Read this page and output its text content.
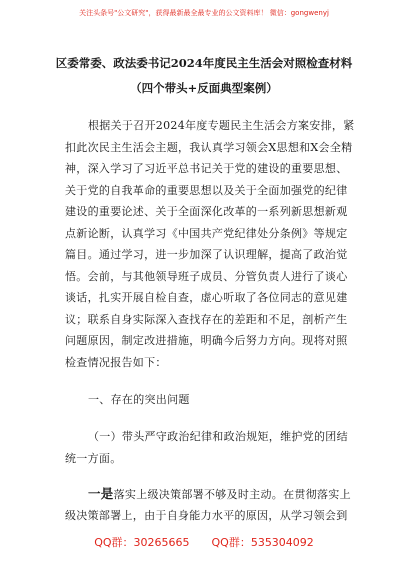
关注头条号"公文研究"，获得最新最全最专业的公文资料库！ 微信：gongwenyj
区委常委、政法委书记2024年度民主生活会对照检查材料
（四个带头+反面典型案例）
根据关于召开2024年度专题民主生活会方案安排，紧
扣此次民主生活会主题，我认真学习领会X思想和X会全精
神，深入学习了习近平总书记关于党的建设的重要思想、
关于党的自我革命的重要思想以及关于全面加强党的纪律
建设的重要论述、关于全面深化改革的一系列新思想新观
点新论断，认真学习《中国共产党纪律处分条例》等规定
篇目。通过学习，进一步加深了认识理解，提高了政治觉
悟。会前，与其他领导班子成员、分管负责人进行了谈心
谈话，扎实开展自检自查，虚心听取了各位同志的意见建
议；联系自身实际深入查找存在的差距和不足，剖析产生
问题原因，制定改进措施，明确今后努力方向。现将对照
检查情况报告如下：
一、存在的突出问题
（一）带头严守政治纪律和政治规矩，维护党的团结
统一方面。
一是落实上级决策部署不够及时主动。在贯彻落实上
级决策部署上，由于自身能力水平的原因，从学习领会到
QQ群：30265665 QQ群：535304092
